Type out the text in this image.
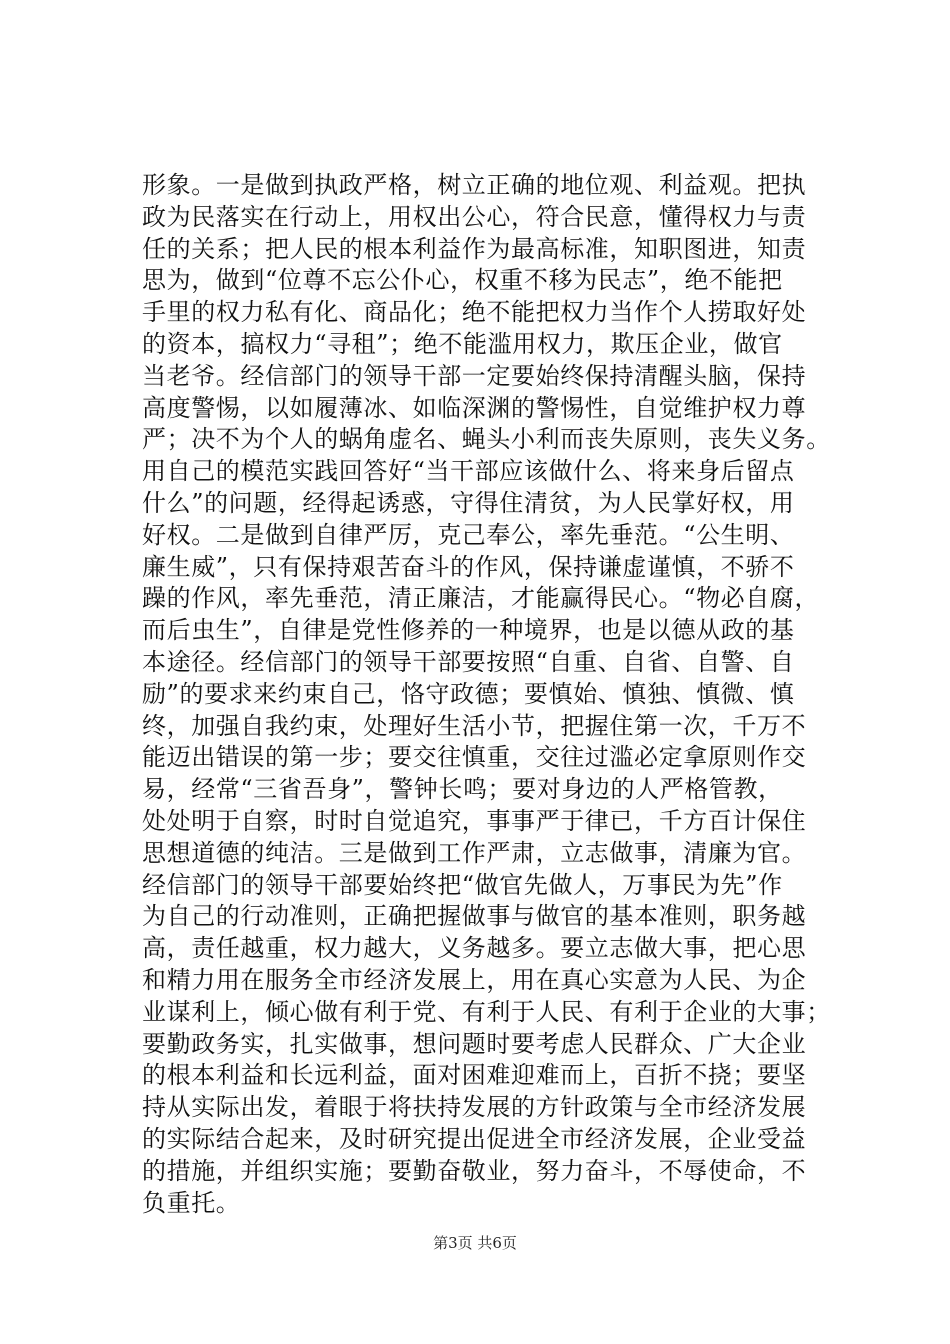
形象。一是做到执政严格，树立正确的地位观、利益观。把执
政为民落实在行动上，用权出公心，符合民意，懂得权力与责
任的关系；把人民的根本利益作为最高标准，知职图进，知责
思为，做到“位尊不忘公仆心，权重不移为民志”，绝不能把
手里的权力私有化、商品化；绝不能把权力当作个人捞取好处
的资本，搞权力“寻租”；绝不能滥用权力，欺压企业，做官
当老爷。经信部门的领导干部一定要始终保持清醒头脑，保持
高度警惕，以如履薄冰、如临深渊的警惕性，自觉维护权力尊
严；决不为个人的蜗角虚名、蝇头小利而丧失原则，丧失义务。
用自己的模范实践回答好“当干部应该做什么、将来身后留点
什么”的问题，经得起诱惑，守得住清贫，为人民掌好权，用
好权。二是做到自律严厉，克己奉公，率先垂范。“公生明、
廉生威”，只有保持艰苦奋斗的作风，保持谦虚谨慎，不骄不
躁的作风，率先垂范，清正廉洁，才能赢得民心。“物必自腐，
而后虫生”，自律是党性修养的一种境界，也是以德从政的基
本途径。经信部门的领导干部要按照“自重、自省、自警、自
励”的要求来约束自己，恪守政德；要慎始、慎独、慎微、慎
终，加强自我约束，处理好生活小节，把握住第一次，千万不
能迈出错误的第一步；要交往慎重，交往过滥必定拿原则作交
易，经常“三省吾身”，警钟长鸣；要对身边的人严格管教，
处处明于自察，时时自觉追究，事事严于律已，千方百计保住
思想道德的纯洁。三是做到工作严肃，立志做事，清廉为官。
经信部门的领导干部要始终把“做官先做人，万事民为先”作
为自己的行动准则，正确把握做事与做官的基本准则，职务越
高，责任越重，权力越大，义务越多。要立志做大事，把心思
和精力用在服务全市经济发展上，用在真心实意为人民、为企
业谋利上，倾心做有利于党、有利于人民、有利于企业的大事；
要勤政务实，扎实做事，想问题时要考虑人民群众、广大企业
的根本利益和长远利益，面对困难迎难而上，百折不挠；要坚
持从实际出发，着眼于将扶持发展的方针政策与全市经济发展
的实际结合起来，及时研究提出促进全市经济发展，企业受益
的措施，并组织实施；要勤奋敬业，努力奋斗，不辱使命，不
负重托。
第3页 共6页
